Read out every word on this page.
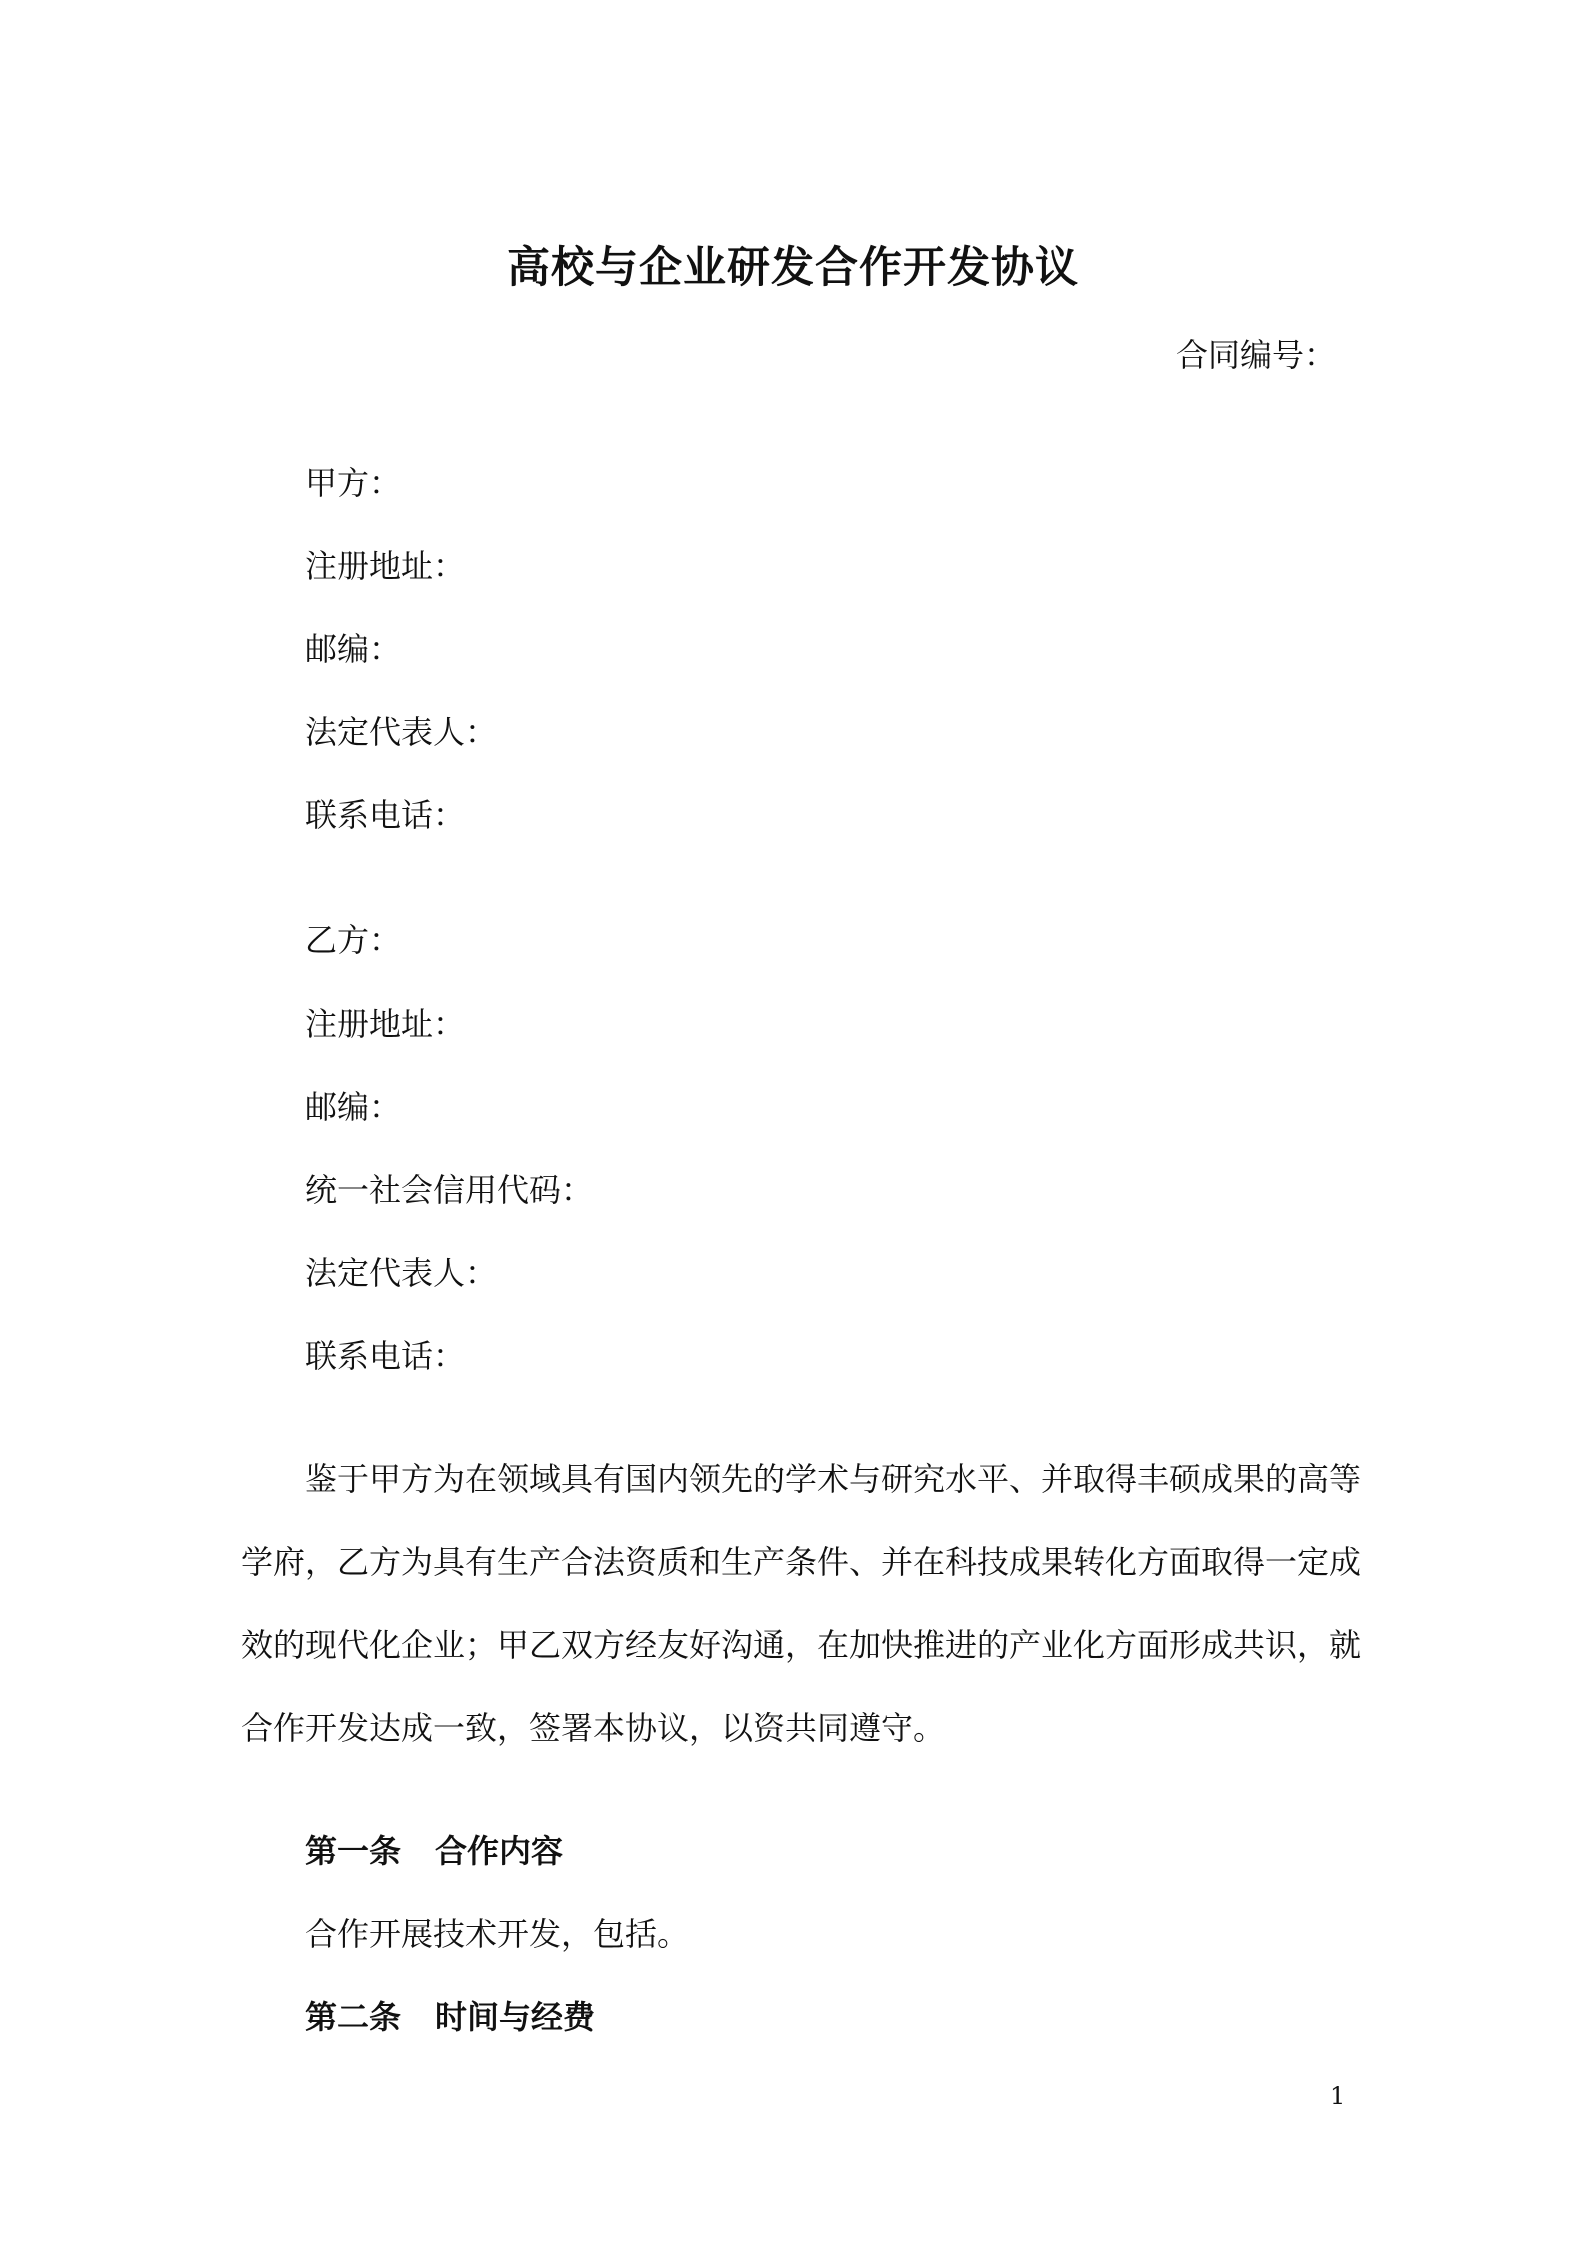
高校与企业研发合作开发协议
合同编号：
甲方：
注册地址：
邮编：
法定代表人：
联系电话：
乙方：
注册地址：
邮编：
统一社会信用代码：
法定代表人：
联系电话：
鉴于甲方为在领域具有国内领先的学术与研究水平、并取得丰硕成果的高等
学府，乙方为具有生产合法资质和生产条件、并在科技成果转化方面取得一定成
效的现代化企业；甲乙双方经友好沟通，在加快推进的产业化方面形成共识，就
合作开发达成一致，签署本协议，以资共同遵守。
第一条 合作内容
合作开展技术开发，包括。
第二条 时间与经费
1
